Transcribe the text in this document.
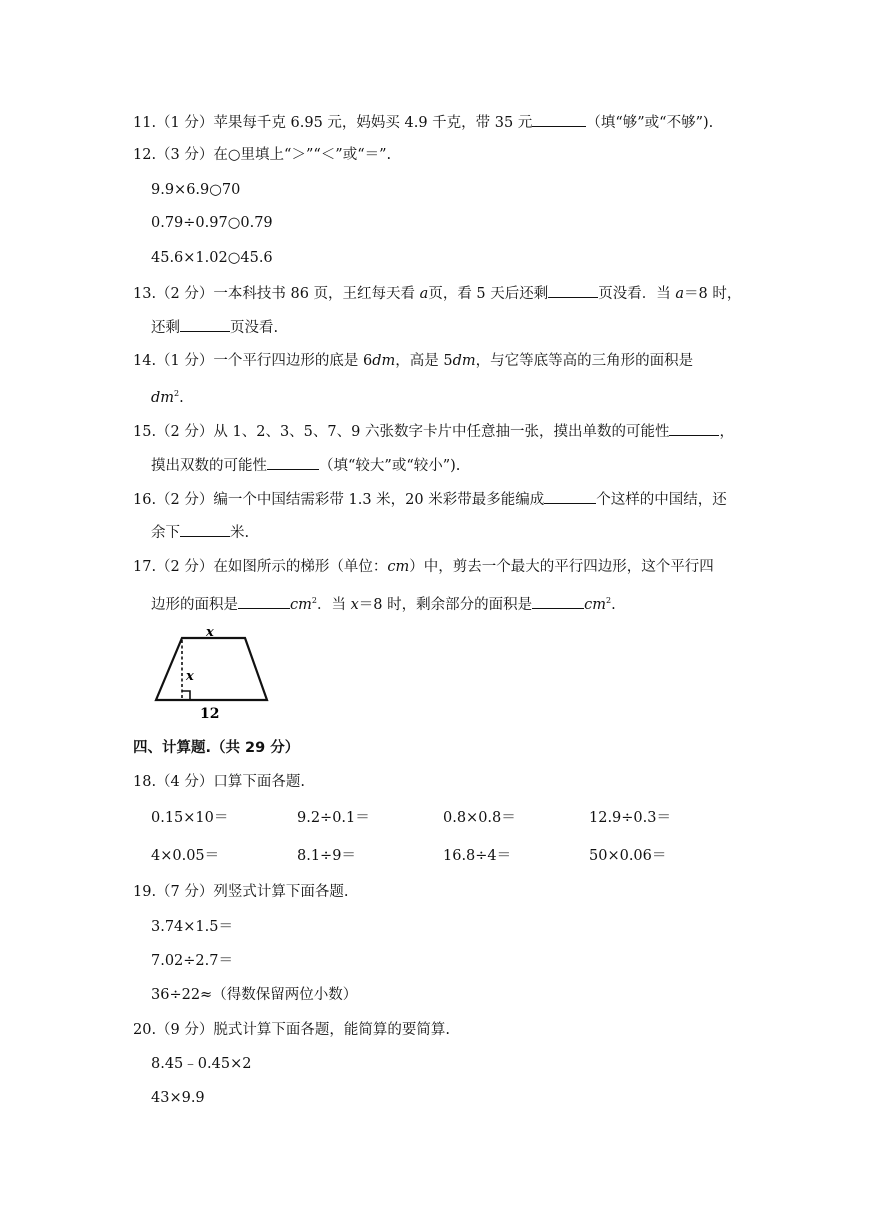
11.（1 分）苹果每千克 6.95 元，妈妈买 4.9 千克，带 35 元	（填“够”或“不够”).
12.（3 分）在○里填上“＞”“＜”或“＝”.
9.9×6.9○70
0.79÷0.97○0.79
45.6×1.02○45.6
13.（2 分）一本科技书 86 页，王红每天看 a页，看 5 天后还剩	页没看．当 a＝8 时，
还剩	页没看.
14.（1 分）一个平行四边形的底是 6dm，高是 5dm，与它等底等高的三角形的面积是
$dm^2$.
15.（2 分）从 1、2、3、5、7、9 六张数字卡片中任意抽一张，摸出单数的可能性	，
摸出双数的可能性	（填“较大”或“较小”).
16.（2 分）编一个中国结需彩带 1.3 米，20 米彩带最多能编成	个这样的中国结，还
余下	米.
17.（2 分）在如图所示的梯形（单位：cm）中，剪去一个最大的平行四边形，这个平行四
边形的面积是	$cm^2$．当 x＝8 时，剩余部分的面积是	$cm^2$.
x
x
12
四、计算题.（共 29 分）
18.（4 分）口算下面各题.
0.15×10＝	9.2÷0.1＝	0.8×0.8＝	12.9÷0.3＝
4×0.05＝	8.1÷9＝	16.8÷4＝	50×0.06＝
19.（7 分）列竖式计算下面各题.
3.74×1.5＝
7.02÷2.7＝
36÷22≈（得数保留两位小数）
20.（9 分）脱式计算下面各题，能简算的要简算.
8.45﹣0.45×2
43×9.9
